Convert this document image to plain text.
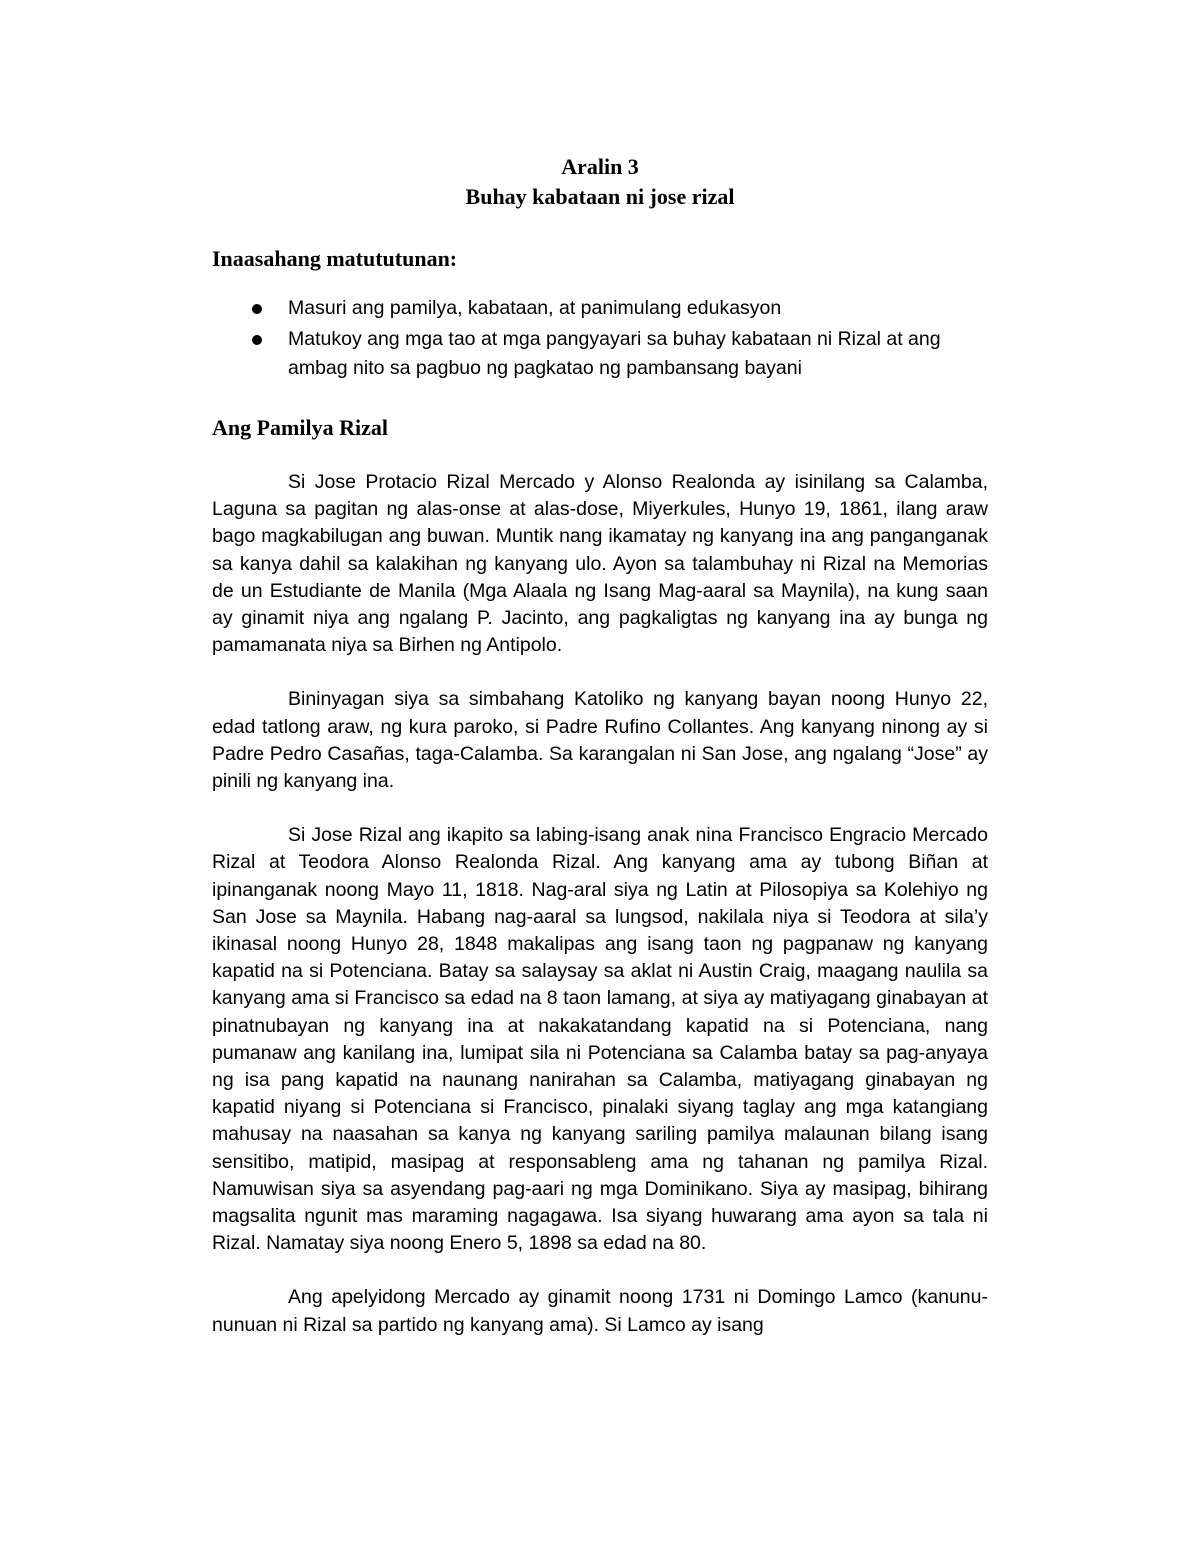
Aralin 3
Buhay kabataan ni jose rizal
Inaasahang matututunan:
Masuri ang pamilya, kabataan, at panimulang edukasyon
Matukoy ang mga tao at mga pangyayari sa buhay kabataan ni Rizal at ang ambag nito sa pagbuo ng pagkatao ng pambansang bayani
Ang Pamilya Rizal

Si Jose Protacio Rizal Mercado y Alonso Realonda ay isinilang sa Calamba, Laguna sa pagitan ng alas-onse at alas-dose, Miyerkules, Hunyo 19, 1861, ilang araw bago magkabilugan ang buwan. Muntik nang ikamatay ng kanyang ina ang panganganak sa kanya dahil sa kalakihan ng kanyang ulo. Ayon sa talambuhay ni Rizal na Memorias de un Estudiante de Manila (Mga Alaala ng Isang Mag-aaral sa Maynila), na kung saan ay ginamit niya ang ngalang P. Jacinto, ang pagkaligtas ng kanyang ina ay bunga ng pamamanata niya sa Birhen ng Antipolo.

Bininyagan siya sa simbahang Katoliko ng kanyang bayan noong Hunyo 22, edad tatlong araw, ng kura paroko, si Padre Rufino Collantes. Ang kanyang ninong ay si Padre Pedro Casañas, taga-Calamba. Sa karangalan ni San Jose, ang ngalang “Jose” ay pinili ng kanyang ina.

Si Jose Rizal ang ikapito sa labing-isang anak nina Francisco Engracio Mercado Rizal at Teodora Alonso Realonda Rizal. Ang kanyang ama ay tubong Biñan at ipinanganak noong Mayo 11, 1818. Nag-aral siya ng Latin at Pilosopiya sa Kolehiyo ng San Jose sa Maynila. Habang nag-aaral sa lungsod, nakilala niya si Teodora at sila’y ikinasal noong Hunyo 28, 1848 makalipas ang isang taon ng pagpanaw ng kanyang kapatid na si Potenciana. Batay sa salaysay sa aklat ni Austin Craig, maagang naulila sa kanyang ama si Francisco sa edad na 8 taon lamang, at siya ay matiyagang ginabayan at pinatnubayan ng kanyang ina at nakakatandang kapatid na si Potenciana, nang pumanaw ang kanilang ina, lumipat sila ni Potenciana sa Calamba batay sa pag-anyaya ng isa pang kapatid na naunang nanirahan sa Calamba, matiyagang ginabayan ng kapatid niyang si Potenciana si Francisco, pinalaki siyang taglay ang mga katangiang mahusay na naasahan sa kanya ng kanyang sariling pamilya malaunan bilang isang sensitibo, matipid, masipag at responsableng ama ng tahanan ng pamilya Rizal. Namuwisan siya sa asyendang pag-aari ng mga Dominikano. Siya ay masipag, bihirang magsalita ngunit mas maraming nagagawa. Isa siyang huwarang ama ayon sa tala ni Rizal. Namatay siya noong Enero 5, 1898 sa edad na 80.

Ang apelyidong Mercado ay ginamit noong 1731 ni Domingo Lamco (kanunu-nunuan ni Rizal sa partido ng kanyang ama). Si Lamco ay isang
